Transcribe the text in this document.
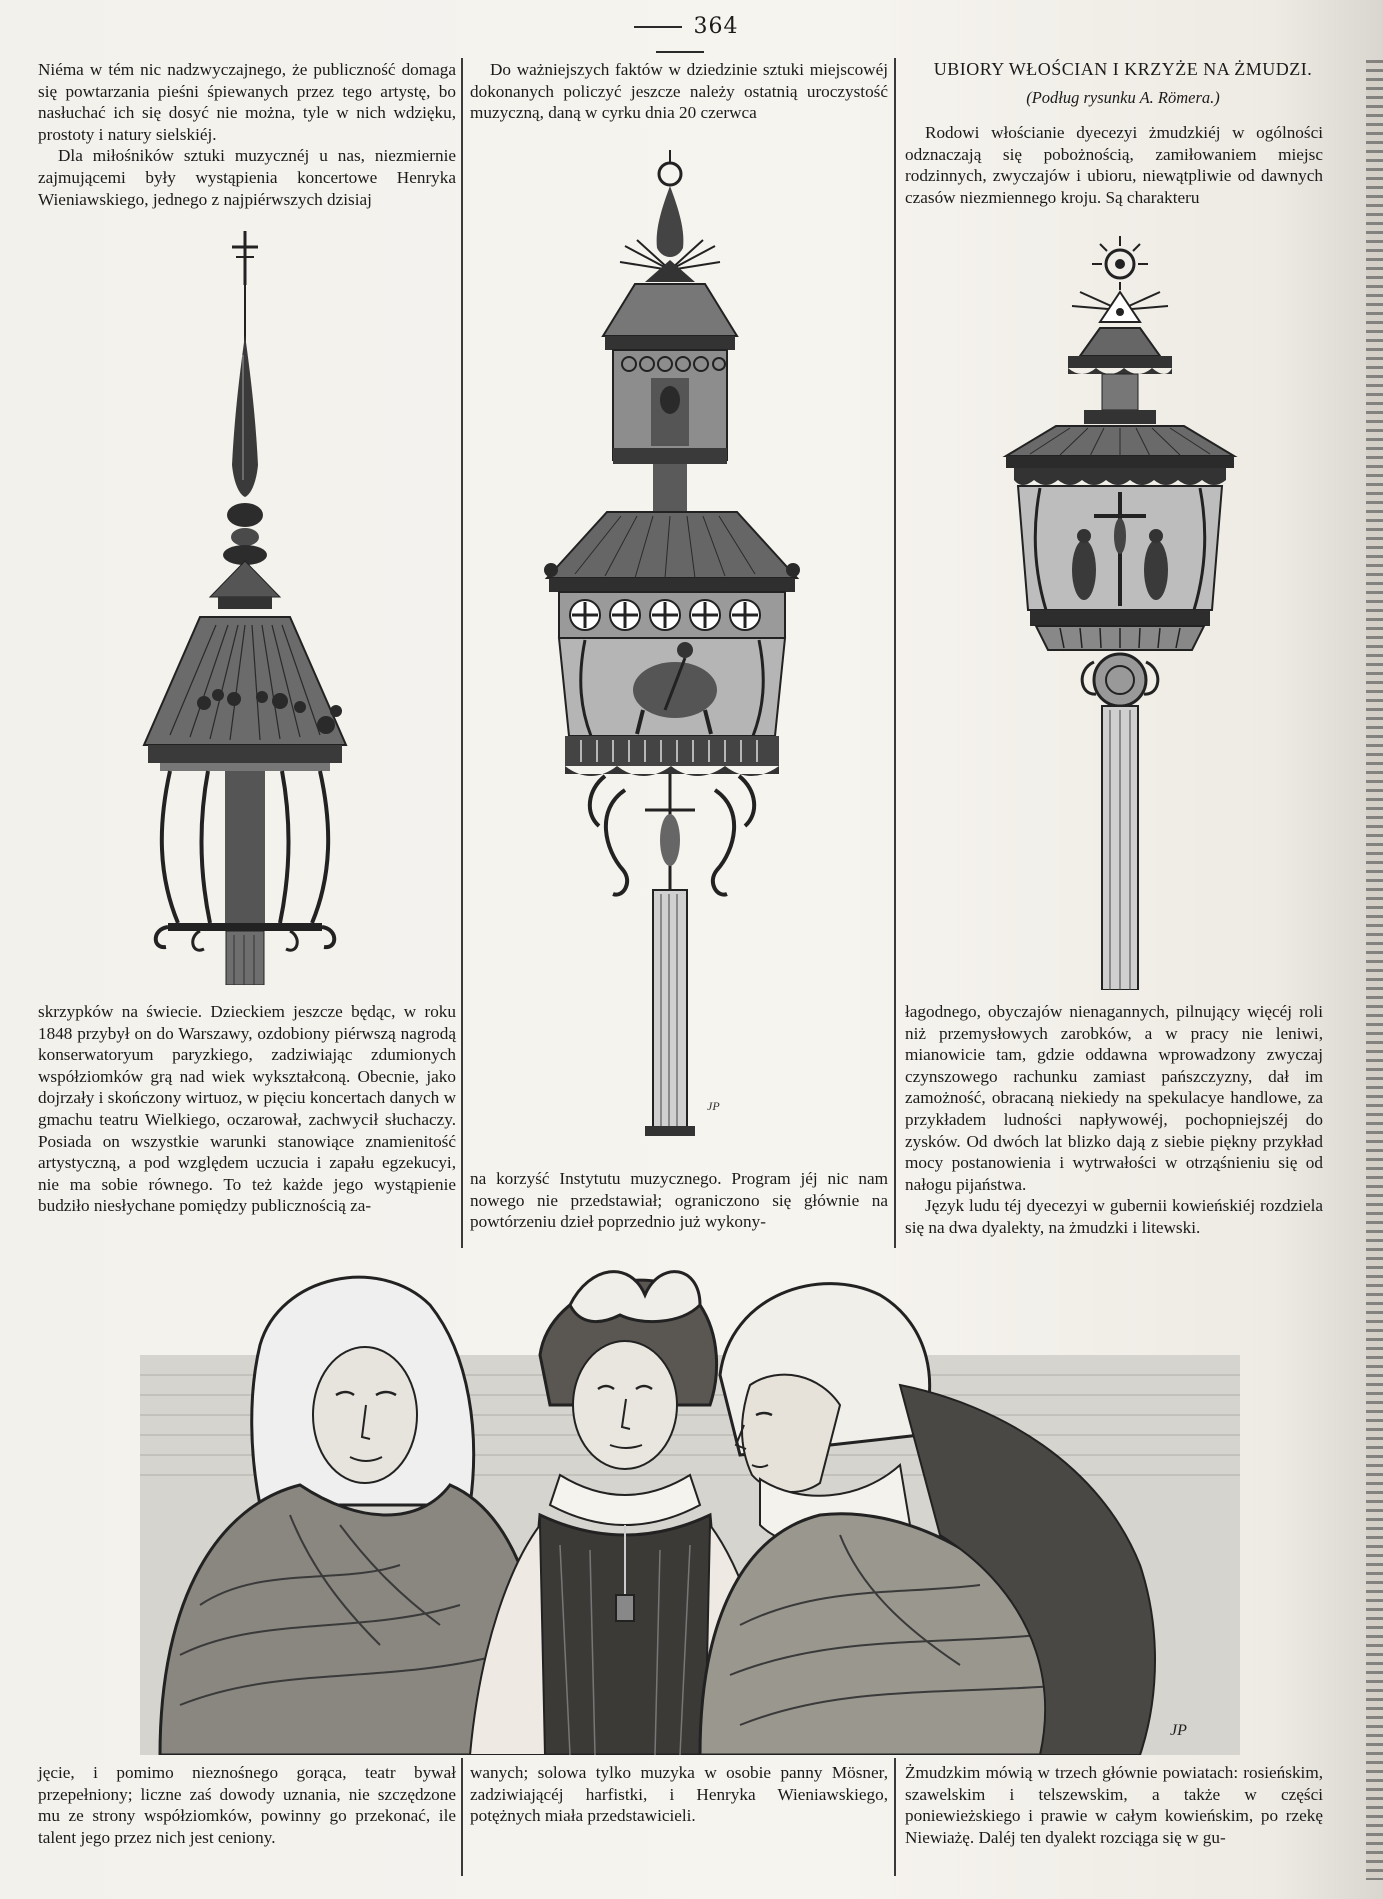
364

Niéma w tém nic nadzwyczajnego, że publiczność domaga się powtarzania pieśni śpiewanych przez tego artystę, bo nasłuchać ich się dosyć nie można, tyle w nich wdzięku, prostoty i natury sielskiéj.

Dla miłośników sztuki muzycznéj u nas, niezmiernie zajmującemi były wystąpienia koncertowe Henryka Wieniawskiego, jednego z najpiérwszych dzisiaj

Do ważniejszych faktów w dziedzinie sztuki miejscowéj dokonanych policzyć jeszcze należy ostatnią uroczystość muzyczną, daną w cyrku dnia 20 czerwca

UBIORY WŁOŚCIAN I KRZYŻE NA ŻMUDZI.
(Podług rysunku A. Römera.)

Rodowi włościanie dyecezyi żmudzkiéj w ogólności odznaczają się pobożnością, zamiłowaniem miejsc rodzinnych, zwyczajów i ubioru, niewątpliwie od dawnych czasów niezmiennego kroju. Są charakteru

JP

skrzypków na świecie. Dzieckiem jeszcze będąc, w roku 1848 przybył on do Warszawy, ozdobiony piérwszą nagrodą konserwatoryum paryzkiego, zadziwiając zdumionych współziomków grą nad wiek wykształconą. Obecnie, jako dojrzały i skończony wirtuoz, w pięciu koncertach danych w gmachu teatru Wielkiego, oczarował, zachwycił słuchaczy. Posiada on wszystkie warunki stanowiące znamienitość artystyczną, a pod względem uczucia i zapału egzekucyi, nie ma sobie równego. To też każde jego wystąpienie budziło niesłychane pomiędzy publicznością za-

na korzyść Instytutu muzycznego. Program jéj nic nam nowego nie przedstawiał; ograniczono się głównie na powtórzeniu dzieł poprzednio już wykony-

łagodnego, obyczajów nienagannych, pilnujący więcéj roli niż przemysłowych zarobków, a w pracy nie leniwi, mianowicie tam, gdzie oddawna wprowadzony zwyczaj czynszowego rachunku zamiast pańszczyzny, dał im zamożność, obracaną niekiedy na spekulacye handlowe, za przykładem ludności napływowéj, pochopniejszéj do zysków. Od dwóch lat blizko dają z siebie piękny przykład mocy postanowienia i wytrwałości w otrząśnieniu się od nałogu pijaństwa.

Język ludu téj dyecezyi w gubernii kowieńskiéj rozdziela się na dwa dyalekty, na żmudzki i litewski.

JP

jęcie, i pomimo nieznośnego gorąca, teatr bywał przepełniony; liczne zaś dowody uznania, nie szczędzone mu ze strony współziomków, powinny go przekonać, ile talent jego przez nich jest ceniony.

wanych; solowa tylko muzyka w osobie panny Mösner, zadziwiającéj harfistki, i Henryka Wieniawskiego, potężnych miała przedstawicieli.

Żmudzkim mówią w trzech głównie powiatach: rosieńskim, szawelskim i telszewskim, a także w części poniewieżskiego i prawie w całym kowieńskim, po rzekę Niewiażę. Daléj ten dyalekt rozciąga się w gu-
